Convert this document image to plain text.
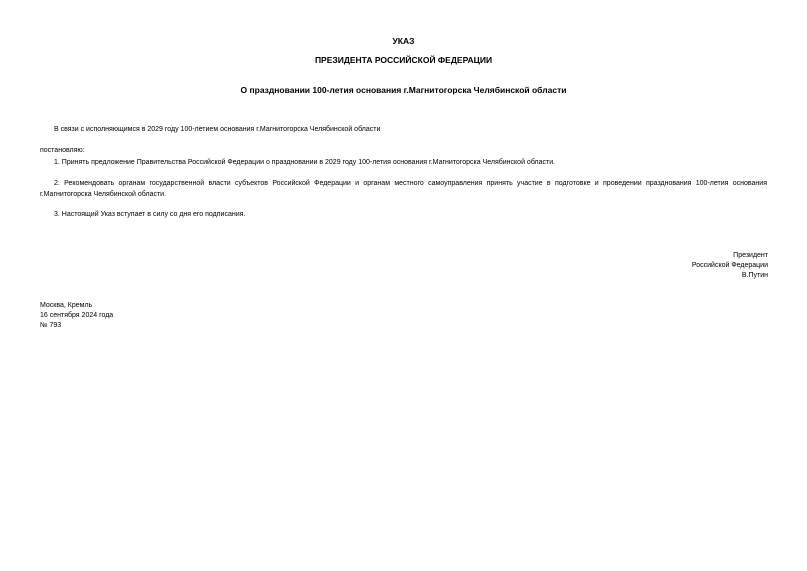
УКАЗ
ПРЕЗИДЕНТА РОССИЙСКОЙ ФЕДЕРАЦИИ
О праздновании 100-летия основания г.Магнитогорска Челябинской области
В связи с исполняющимся в 2029 году 100-летием основания г.Магнитогорска Челябинской области
постановляю:
1. Принять предложение Правительства Российской Федерации о праздновании в 2029 году 100-летия основания г.Магнитогорска Челябинской области.
2. Рекомендовать органам государственной власти субъектов Российской Федерации и органам местного самоуправления принять участие в подготовке и проведении празднования 100-летия основания г.Магнитогорска Челябинской области.
3. Настоящий Указ вступает в силу со дня его подписания.
Президент
Российской Федерации
В.Путин
Москва, Кремль
16 сентября 2024 года
№ 793
